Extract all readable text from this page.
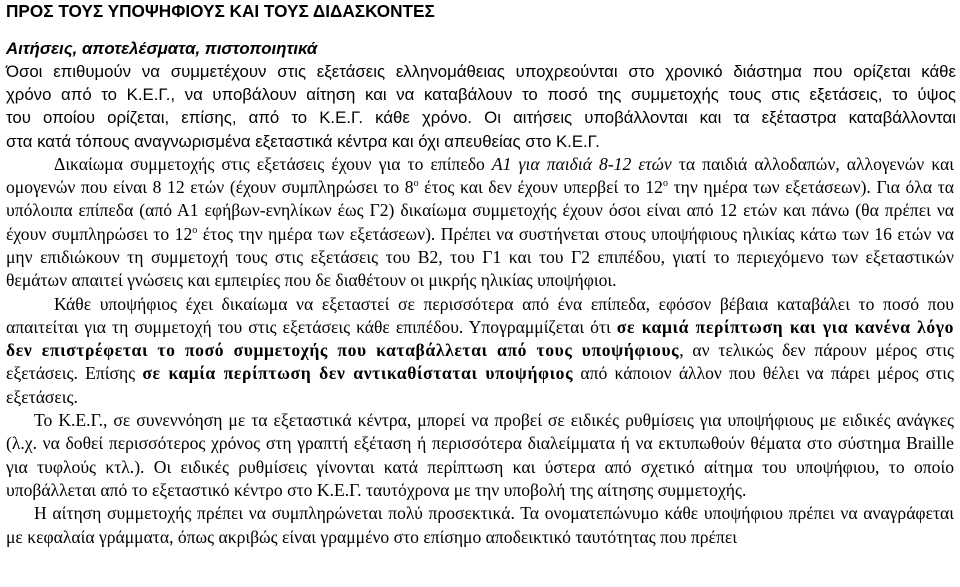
ΠΡΟΣ ΤΟΥΣ ΥΠΟΨΗΦΙΟΥΣ ΚΑΙ ΤΟΥΣ ΔΙΔΑΣΚΟΝΤΕΣ
Αιτήσεις, αποτελέσματα, πιστοποιητικά
Όσοι επιθυμούν να συμμετέχουν στις εξετάσεις ελληνομάθειας υποχρεούνται στο χρονικό διάστημα που ορίζεται κάθε
χρόνο από το Κ.Ε.Γ., να υποβάλουν αίτηση και να καταβάλουν το ποσό της συμμετοχής τους στις εξετάσεις, το ύψος
του οποίου ορίζεται, επίσης, από το Κ.Ε.Γ. κάθε χρόνο. Οι αιτήσεις υποβάλλονται και τα εξέταστρα καταβάλλονται
στα κατά τόπους αναγνωρισμένα εξεταστικά κέντρα και όχι απευθείας στο Κ.Ε.Γ.

Δικαίωμα συμμετοχής στις εξετάσεις έχουν για το επίπεδο Α1 για παιδιά 8-12 ετών τα παιδιά αλλοδαπών, αλλογενών και ομογενών που είναι 8 12 ετών (έχουν συμπληρώσει το $8^o$ έτος και δεν έχουν υπερβεί το $12^o$ την ημέρα των εξετάσεων). Για όλα τα υπόλοιπα επίπεδα (από Α1 εφήβων-ενηλίκων έως Γ2) δικαίωμα συμμετοχής έχουν όσοι είναι από 12 ετών και πάνω (θα πρέπει να έχουν συμπληρώσει το $12^o$ έτος την ημέρα των εξετάσεων). Πρέπει να συστήνεται στους υποψήφιους ηλικίας κάτω των 16 ετών να μην επιδιώκουν τη συμμετοχή τους στις εξετάσεις του Β2, του Γ1 και του Γ2 επιπέδου, γιατί το περιεχόμενο των εξεταστικών θεμάτων απαιτεί γνώσεις και εμπειρίες που δε διαθέτουν οι μικρής ηλικίας υποψήφιοι.

Κάθε υποψήφιος έχει δικαίωμα να εξεταστεί σε περισσότερα από ένα επίπεδα, εφόσον βέβαια καταβάλει το ποσό που απαιτείται για τη συμμετοχή του στις εξετάσεις κάθε επιπέδου. Υπογραμμίζεται ότι σε καμιά περίπτωση και για κανένα λόγο δεν επιστρέφεται το ποσό συμμετοχής που καταβάλλεται από τους υποψήφιους, αν τελικώς δεν πάρουν μέρος στις εξετάσεις. Επίσης σε καμία περίπτωση δεν αντικαθίσταται υποψήφιος από κάποιον άλλον που θέλει να πάρει μέρος στις εξετάσεις.

Το Κ.Ε.Γ., σε συνεννόηση με τα εξεταστικά κέντρα, μπορεί να προβεί σε ειδικές ρυθμίσεις για υποψήφιους με ειδικές ανάγκες (λ.χ. να δοθεί περισσότερος χρόνος στη γραπτή εξέταση ή περισσότερα διαλείμματα ή να εκτυπωθούν θέματα στο σύστημα Braille για τυφλούς κτλ.). Οι ειδικές ρυθμίσεις γίνονται κατά περίπτωση και ύστερα από σχετικό αίτημα του υποψήφιου, το οποίο υποβάλλεται από το εξεταστικό κέντρο στο Κ.Ε.Γ. ταυτόχρονα με την υποβολή της αίτησης συμμετοχής.

Η αίτηση συμμετοχής πρέπει να συμπληρώνεται πολύ προσεκτικά. Τα ονοματεπώνυμο κάθε υποψήφιου πρέπει να αναγράφεται με κεφαλαία γράμματα, όπως ακριβώς είναι γραμμένο στο επίσημο αποδεικτικό ταυτότητας που πρέπει
